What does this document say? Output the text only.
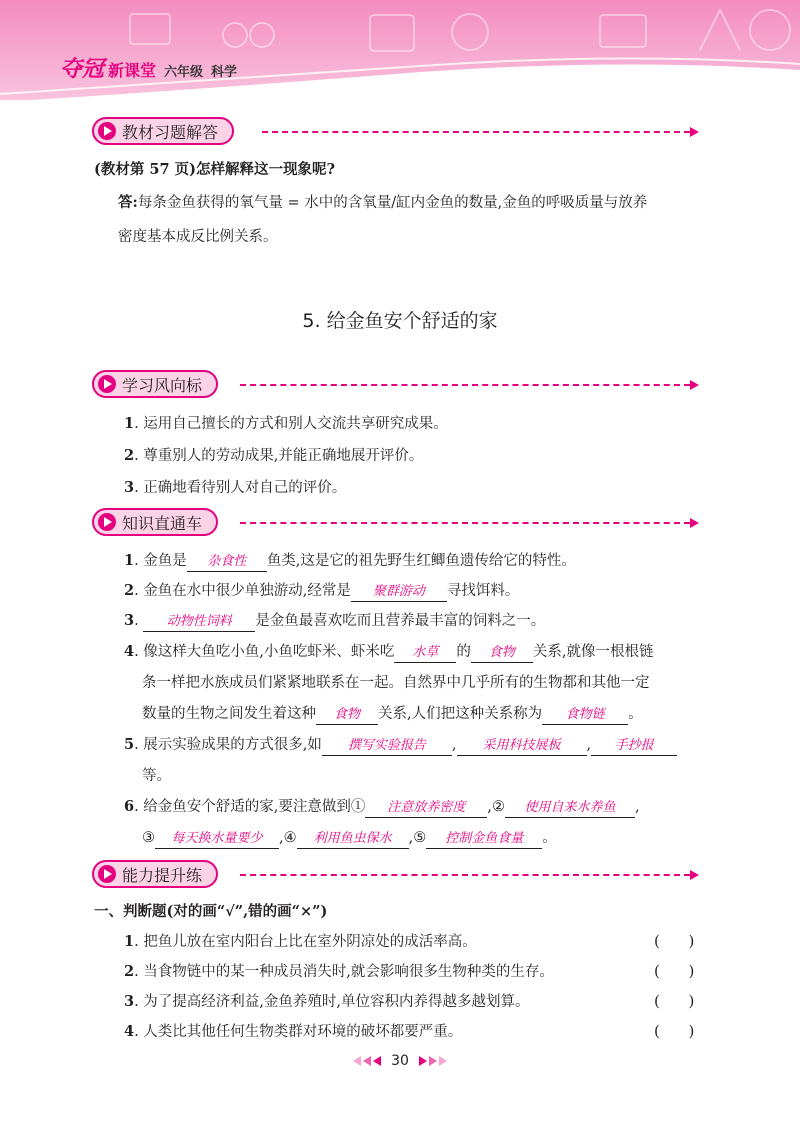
夺冠 新课堂 六年级 科学
教材习题解答
(教材第 57 页)怎样解释这一现象呢?
答:每条金鱼获得的氧气量 = 水中的含氧量/缸内金鱼的数量,金鱼的呼吸质量与放养
密度基本成反比例关系。
5. 给金鱼安个舒适的家
学习风向标
1. 运用自己擅长的方式和别人交流共享研究成果。
2. 尊重别人的劳动成果,并能正确地展开评价。
3. 正确地看待别人对自己的评价。
知识直通车
1. 金鱼是 杂食性 鱼类,这是它的祖先野生红鲫鱼遗传给它的特性。
2. 金鱼在水中很少单独游动,经常是 聚群游动 寻找饵料。
3. 动物性饲料 是金鱼最喜欢吃而且营养最丰富的饲料之一。
4. 像这样大鱼吃小鱼,小鱼吃虾米、虾米吃 水草 的 食物 关系,就像一根根链
条一样把水族成员们紧紧地联系在一起。自然界中几乎所有的生物都和其他一定
数量的生物之间发生着这种 食物 关系,人们把这种关系称为 食物链 。
5. 展示实验成果的方式很多,如 撰写实验报告 , 采用科技展板 , 手抄报
等。
6. 给金鱼安个舒适的家,要注意做到① 注意放养密度 ,② 使用自来水养鱼 ,
③ 每天换水量要少 ,④ 利用鱼虫保水 ,⑤ 控制金鱼食量 。
能力提升练
一、判断题(对的画“√”,错的画“×”)
1. 把鱼儿放在室内阳台上比在室外阴凉处的成活率高。	(      )
2. 当食物链中的某一种成员消失时,就会影响很多生物种类的生存。	(      )
3. 为了提高经济利益,金鱼养殖时,单位容积内养得越多越划算。	(      )
4. 人类比其他任何生物类群对环境的破坏都要严重。	(      )
30
